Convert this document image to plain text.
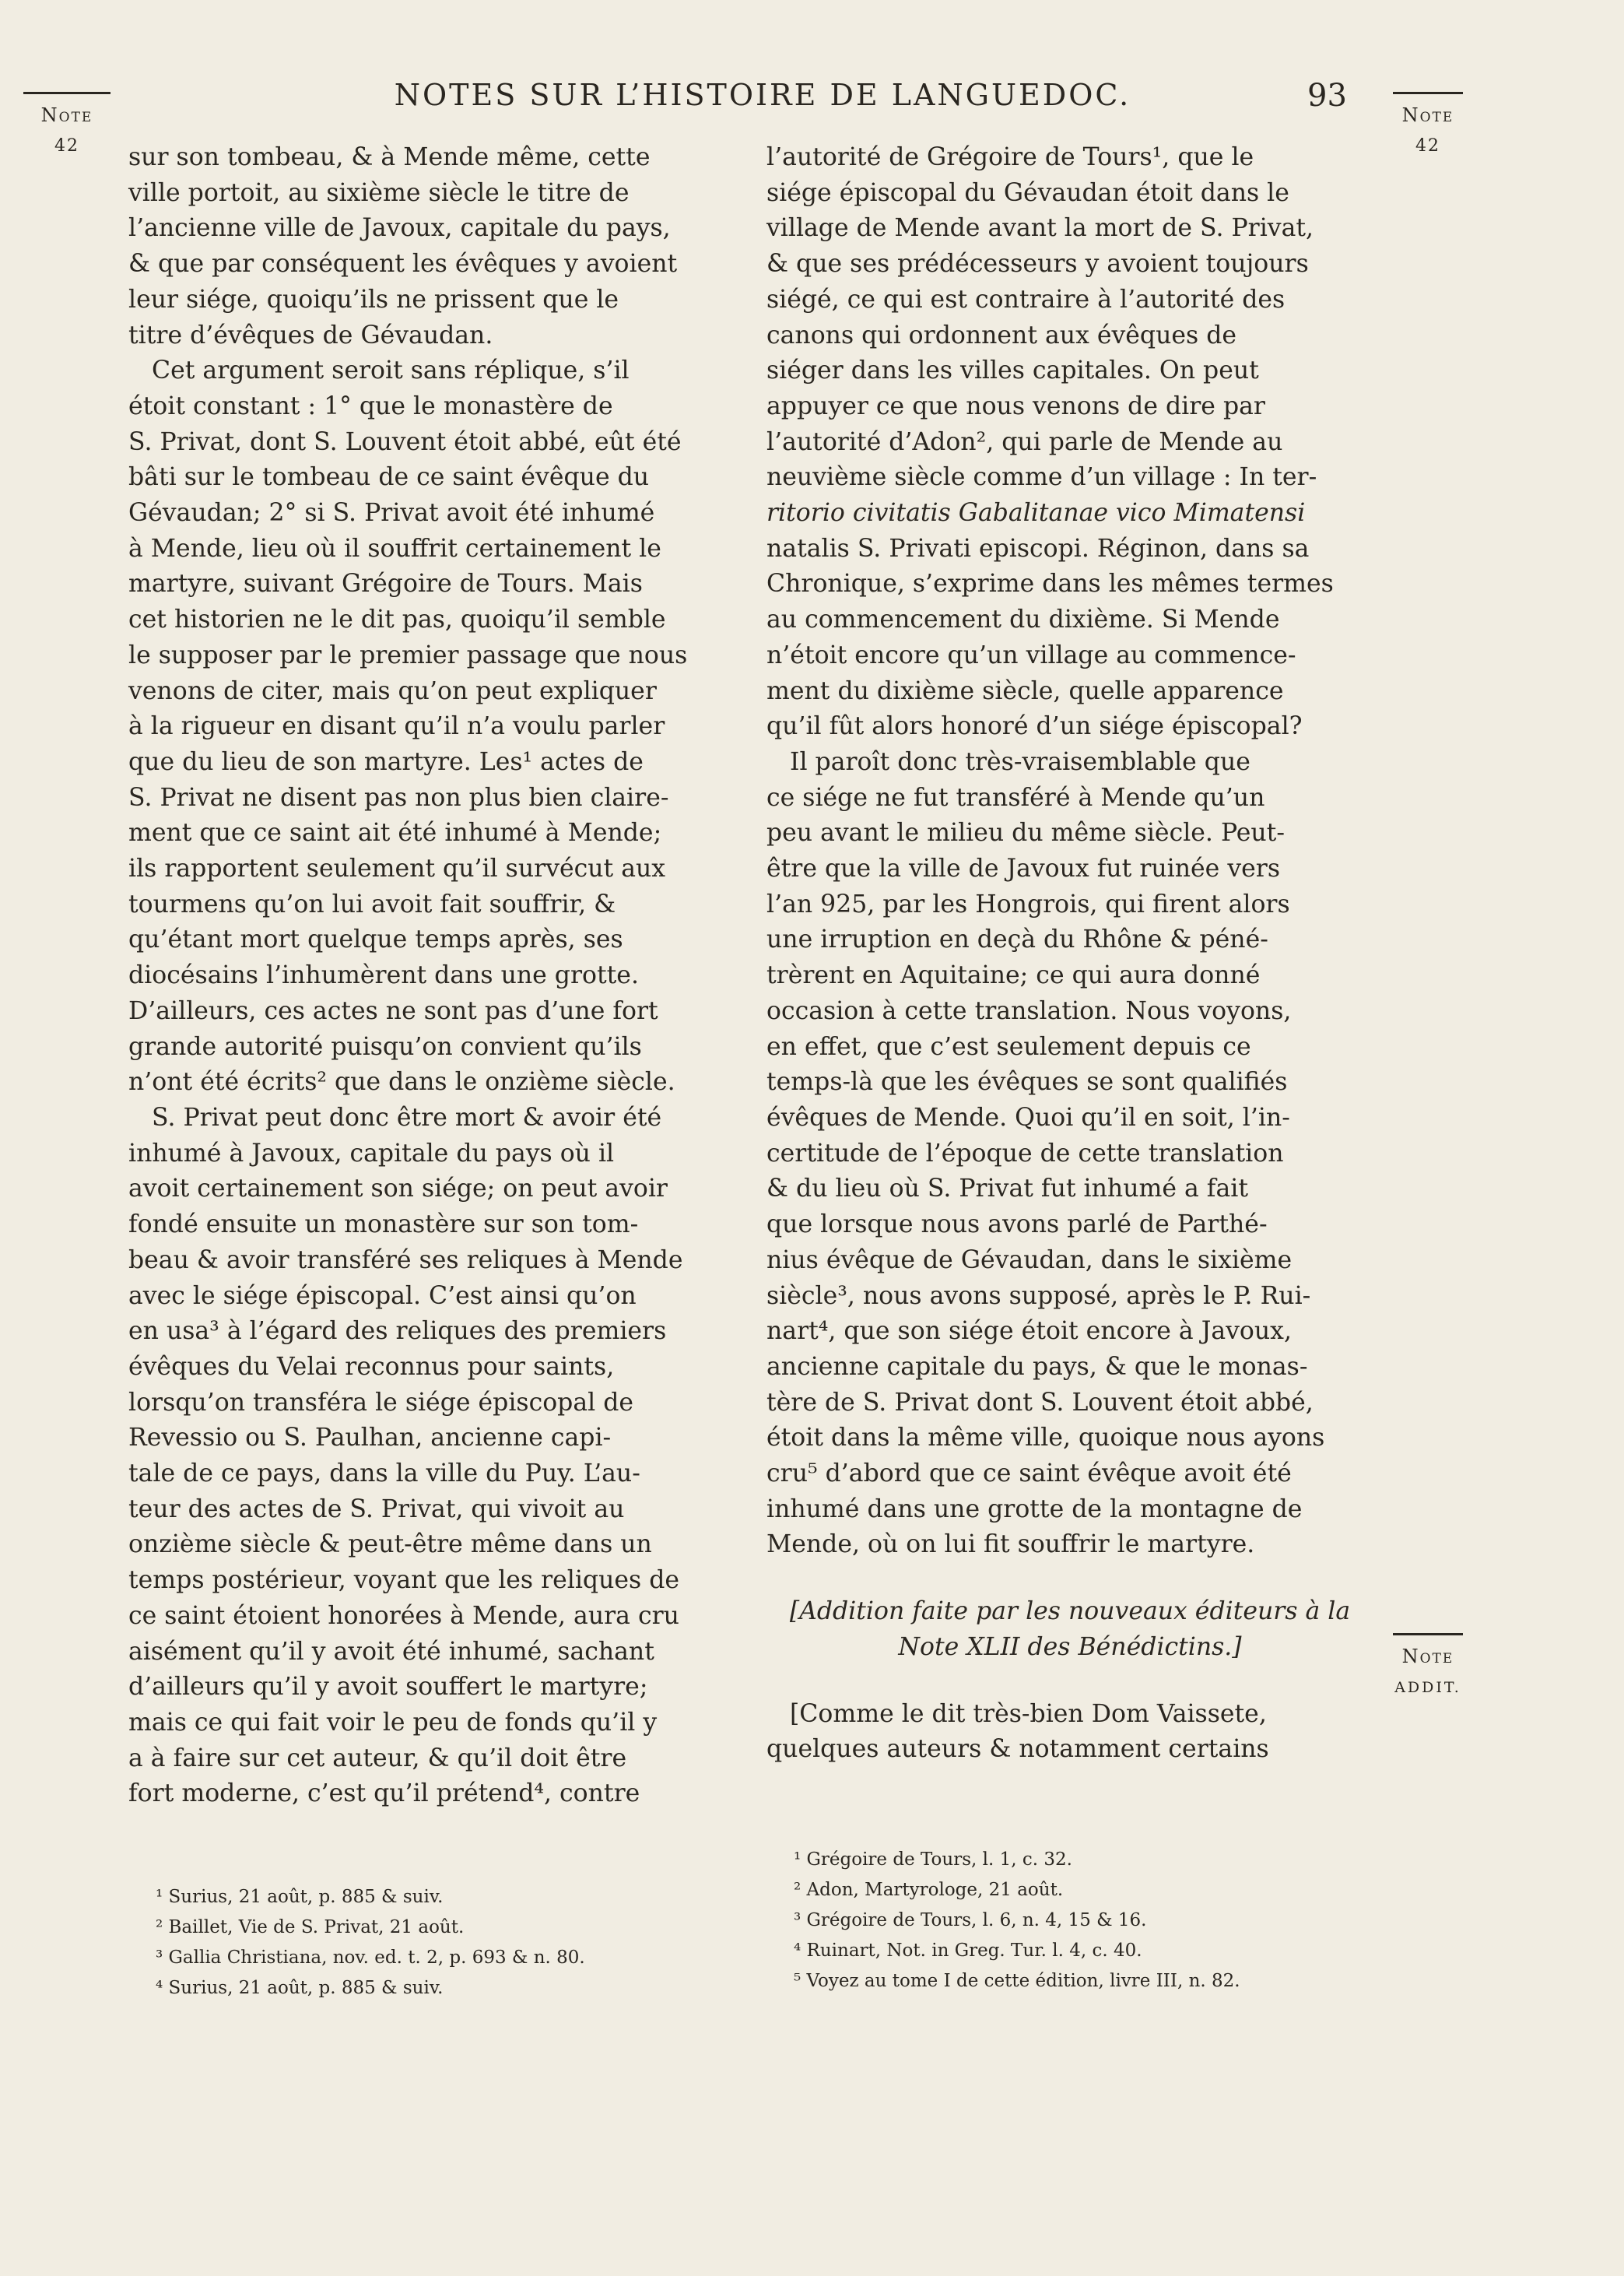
Note
42
Note
42
NOTES SUR L’HISTOIRE DE LANGUEDOC.	93

sur son tombeau, & à Mende même, cette

ville portoit, au sixième siècle le titre de

l’ancienne ville de Javoux, capitale du pays,

& que par conséquent les évêques y avoient

leur siége, quoiqu’ils ne prissent que le

titre d’évêques de Gévaudan.

Cet argument seroit sans réplique, s’il

étoit constant : 1° que le monastère de

S. Privat, dont S. Louvent étoit abbé, eût été

bâti sur le tombeau de ce saint évêque du

Gévaudan; 2° si S. Privat avoit été inhumé

à Mende, lieu où il souffrit certainement le

martyre, suivant Grégoire de Tours. Mais

cet historien ne le dit pas, quoiqu’il semble

le supposer par le premier passage que nous

venons de citer, mais qu’on peut expliquer

à la rigueur en disant qu’il n’a voulu parler

que du lieu de son martyre. Les¹ actes de

S. Privat ne disent pas non plus bien claire-

ment que ce saint ait été inhumé à Mende;

ils rapportent seulement qu’il survécut aux

tourmens qu’on lui avoit fait souffrir, &

qu’étant mort quelque temps après, ses

diocésains l’inhumèrent dans une grotte.

D’ailleurs, ces actes ne sont pas d’une fort

grande autorité puisqu’on convient qu’ils

n’ont été écrits² que dans le onzième siècle.

S. Privat peut donc être mort & avoir été

inhumé à Javoux, capitale du pays où il

avoit certainement son siége; on peut avoir

fondé ensuite un monastère sur son tom-

beau & avoir transféré ses reliques à Mende

avec le siége épiscopal. C’est ainsi qu’on

en usa³ à l’égard des reliques des premiers

évêques du Velai reconnus pour saints,

lorsqu’on transféra le siége épiscopal de

Revessio ou S. Paulhan, ancienne capi-

tale de ce pays, dans la ville du Puy. L’au-

teur des actes de S. Privat, qui vivoit au

onzième siècle & peut-être même dans un

temps postérieur, voyant que les reliques de

ce saint étoient honorées à Mende, aura cru

aisément qu’il y avoit été inhumé, sachant

d’ailleurs qu’il y avoit souffert le martyre;

mais ce qui fait voir le peu de fonds qu’il y

a à faire sur cet auteur, & qu’il doit être

fort moderne, c’est qu’il prétend⁴, contre

l’autorité de Grégoire de Tours¹, que le

siége épiscopal du Gévaudan étoit dans le

village de Mende avant la mort de S. Privat,

& que ses prédécesseurs y avoient toujours

siégé, ce qui est contraire à l’autorité des

canons qui ordonnent aux évêques de

siéger dans les villes capitales. On peut

appuyer ce que nous venons de dire par

l’autorité d’Adon², qui parle de Mende au

neuvième siècle comme d’un village : In ter-

ritorio civitatis Gabalitanae vico Mimatensi

natalis S. Privati episcopi. Réginon, dans sa

Chronique, s’exprime dans les mêmes termes

au commencement du dixième. Si Mende

n’étoit encore qu’un village au commence-

ment du dixième siècle, quelle apparence

qu’il fût alors honoré d’un siége épiscopal?

Il paroît donc très-vraisemblable que

ce siége ne fut transféré à Mende qu’un

peu avant le milieu du même siècle. Peut-

être que la ville de Javoux fut ruinée vers

l’an 925, par les Hongrois, qui firent alors

une irruption en deçà du Rhône & péné-

trèrent en Aquitaine; ce qui aura donné

occasion à cette translation. Nous voyons,

en effet, que c’est seulement depuis ce

temps-là que les évêques se sont qualifiés

évêques de Mende. Quoi qu’il en soit, l’in-

certitude de l’époque de cette translation

& du lieu où S. Privat fut inhumé a fait

que lorsque nous avons parlé de Parthé-

nius évêque de Gévaudan, dans le sixième

siècle³, nous avons supposé, après le P. Rui-

nart⁴, que son siége étoit encore à Javoux,

ancienne capitale du pays, & que le monas-

tère de S. Privat dont S. Louvent étoit abbé,

étoit dans la même ville, quoique nous ayons

cru⁵ d’abord que ce saint évêque avoit été

inhumé dans une grotte de la montagne de

Mende, où on lui fit souffrir le martyre.

[Addition faite par les nouveaux éditeurs à la

Note XLII des Bénédictins.]

[Comme le dit très-bien Dom Vaissete,

quelques auteurs & notamment certains

Note
ADDIT.
¹ Surius, 21 août, p. 885 & suiv.
² Baillet, Vie de S. Privat, 21 août.
³ Gallia Christiana, nov. ed. t. 2, p. 693 & n. 80.
⁴ Surius, 21 août, p. 885 & suiv.
¹ Grégoire de Tours, l. 1, c. 32.
² Adon, Martyrologe, 21 août.
³ Grégoire de Tours, l. 6, n. 4, 15 & 16.
⁴ Ruinart, Not. in Greg. Tur. l. 4, c. 40.
⁵ Voyez au tome I de cette édition, livre III, n. 82.
